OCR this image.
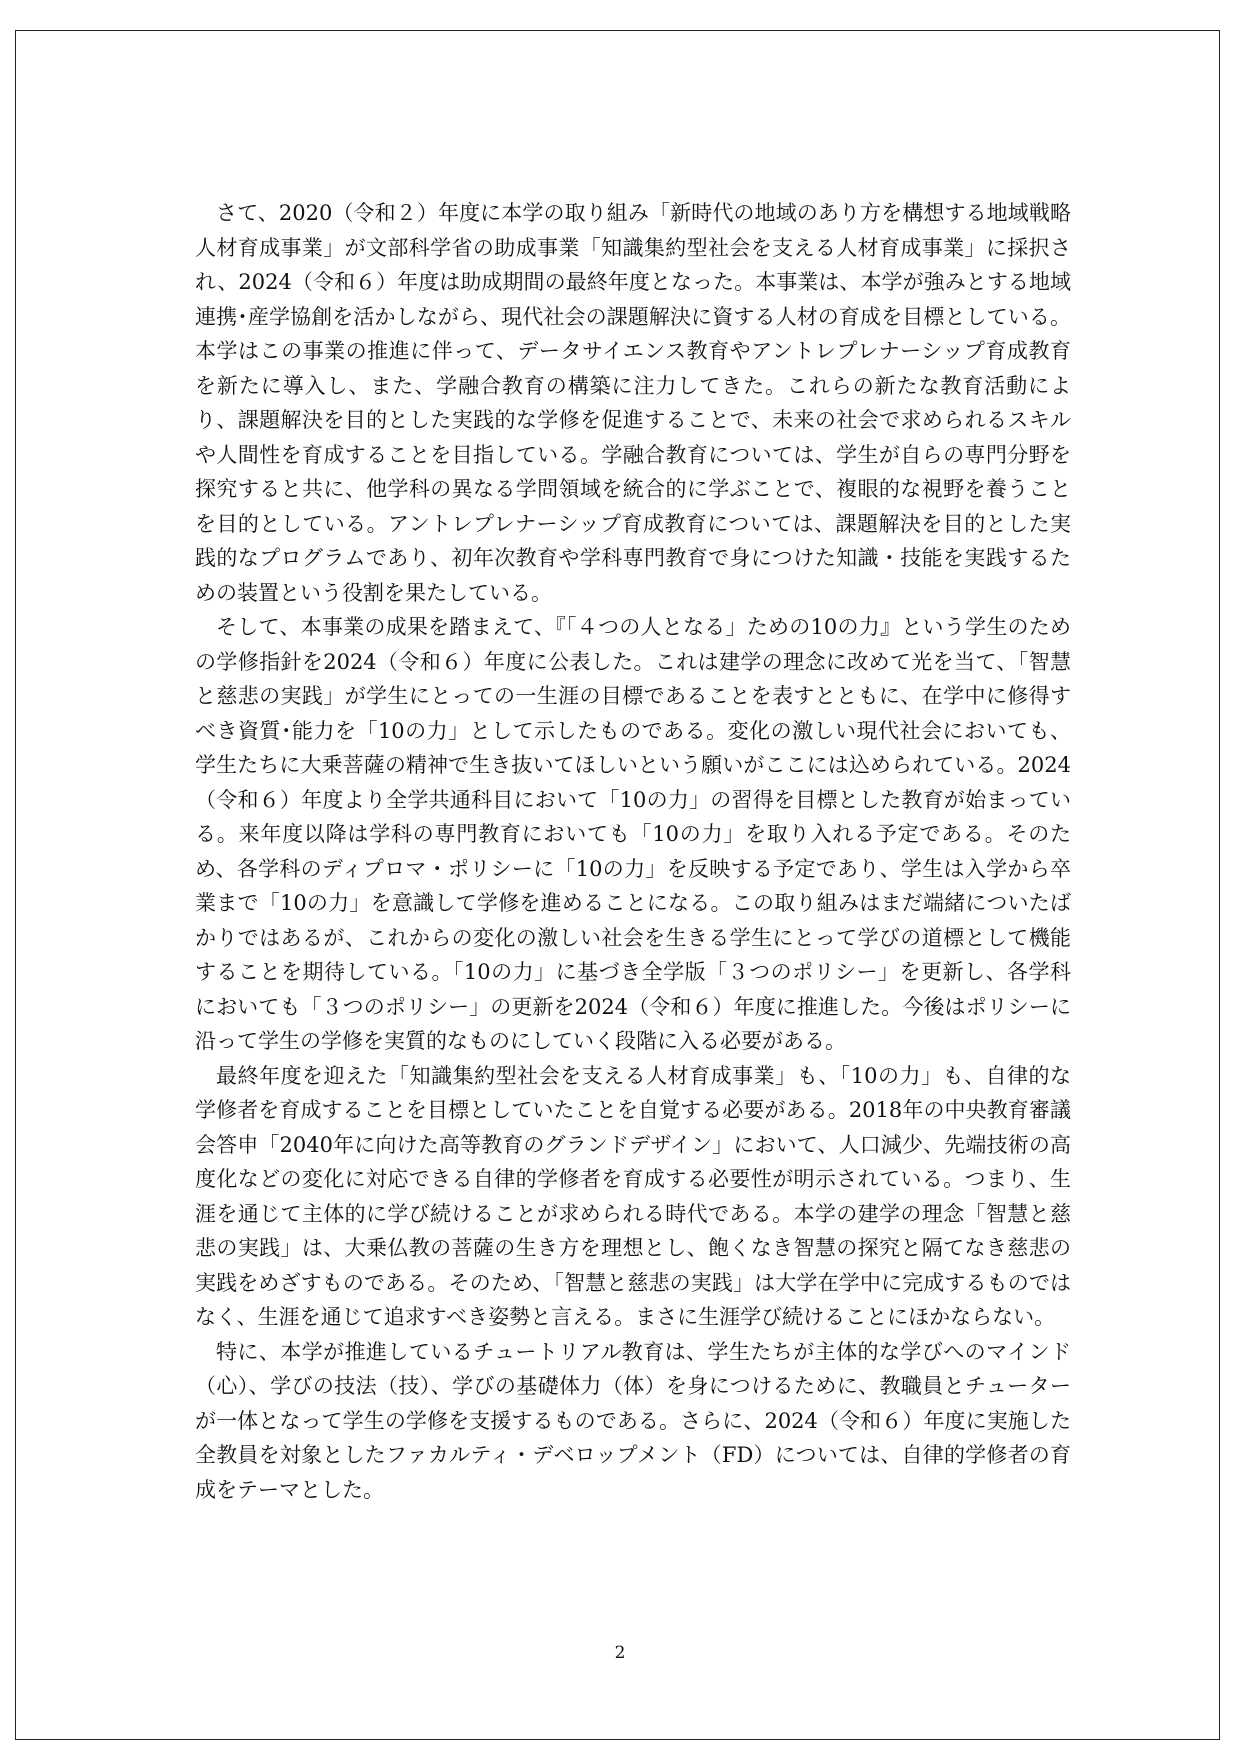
さて、2020（令和２）年度に本学の取り組み「新時代の地域のあり方を構想する地域戦略人材育成事業」が文部科学省の助成事業「知識集約型社会を支える人材育成事業」に採択され、2024（令和６）年度は助成期間の最終年度となった。本事業は、本学が強みとする地域連携･産学協創を活かしながら、現代社会の課題解決に資する人材の育成を目標としている。本学はこの事業の推進に伴って、データサイエンス教育やアントレプレナーシップ育成教育を新たに導入し、また、学融合教育の構築に注力してきた。これらの新たな教育活動により、課題解決を目的とした実践的な学修を促進することで、未来の社会で求められるスキルや人間性を育成することを目指している。学融合教育については、学生が自らの専門分野を探究すると共に、他学科の異なる学問領域を統合的に学ぶことで、複眼的な視野を養うことを目的としている。アントレプレナーシップ育成教育については、課題解決を目的とした実践的なプログラムであり、初年次教育や学科専門教育で身につけた知識・技能を実践するための装置という役割を果たしている。

そして、本事業の成果を踏まえて、『「４つの人となる」ための10の力』という学生のための学修指針を2024（令和６）年度に公表した。これは建学の理念に改めて光を当て、「智慧と慈悲の実践」が学生にとっての一生涯の目標であることを表すとともに、在学中に修得すべき資質･能力を「10の力」として示したものである。変化の激しい現代社会においても、学生たちに大乗菩薩の精神で生き抜いてほしいという願いがここには込められている。2024（令和６）年度より全学共通科目において「10の力」の習得を目標とした教育が始まっている。来年度以降は学科の専門教育においても「10の力」を取り入れる予定である。そのため、各学科のディプロマ・ポリシーに「10の力」を反映する予定であり、学生は入学から卒業まで「10の力」を意識して学修を進めることになる。この取り組みはまだ端緒についたばかりではあるが、これからの変化の激しい社会を生きる学生にとって学びの道標として機能することを期待している。「10の力」に基づき全学版「３つのポリシー」を更新し、各学科においても「３つのポリシー」の更新を2024（令和６）年度に推進した。今後はポリシーに沿って学生の学修を実質的なものにしていく段階に入る必要がある。

最終年度を迎えた「知識集約型社会を支える人材育成事業」も、「10の力」も、自律的な学修者を育成することを目標としていたことを自覚する必要がある。2018年の中央教育審議会答申「2040年に向けた高等教育のグランドデザイン」において、人口減少、先端技術の高度化などの変化に対応できる自律的学修者を育成する必要性が明示されている。つまり、生涯を通じて主体的に学び続けることが求められる時代である。本学の建学の理念「智慧と慈悲の実践」は、大乗仏教の菩薩の生き方を理想とし、飽くなき智慧の探究と隔てなき慈悲の実践をめざすものである。そのため、「智慧と慈悲の実践」は大学在学中に完成するものではなく、生涯を通じて追求すべき姿勢と言える。まさに生涯学び続けることにほかならない。

特に、本学が推進しているチュートリアル教育は、学生たちが主体的な学びへのマインド（心）、学びの技法（技）、学びの基礎体力（体）を身につけるために、教職員とチューターが一体となって学生の学修を支援するものである。さらに、2024（令和６）年度に実施した全教員を対象としたファカルティ・デベロップメント（FD）については、自律的学修者の育成をテーマとした。

2
